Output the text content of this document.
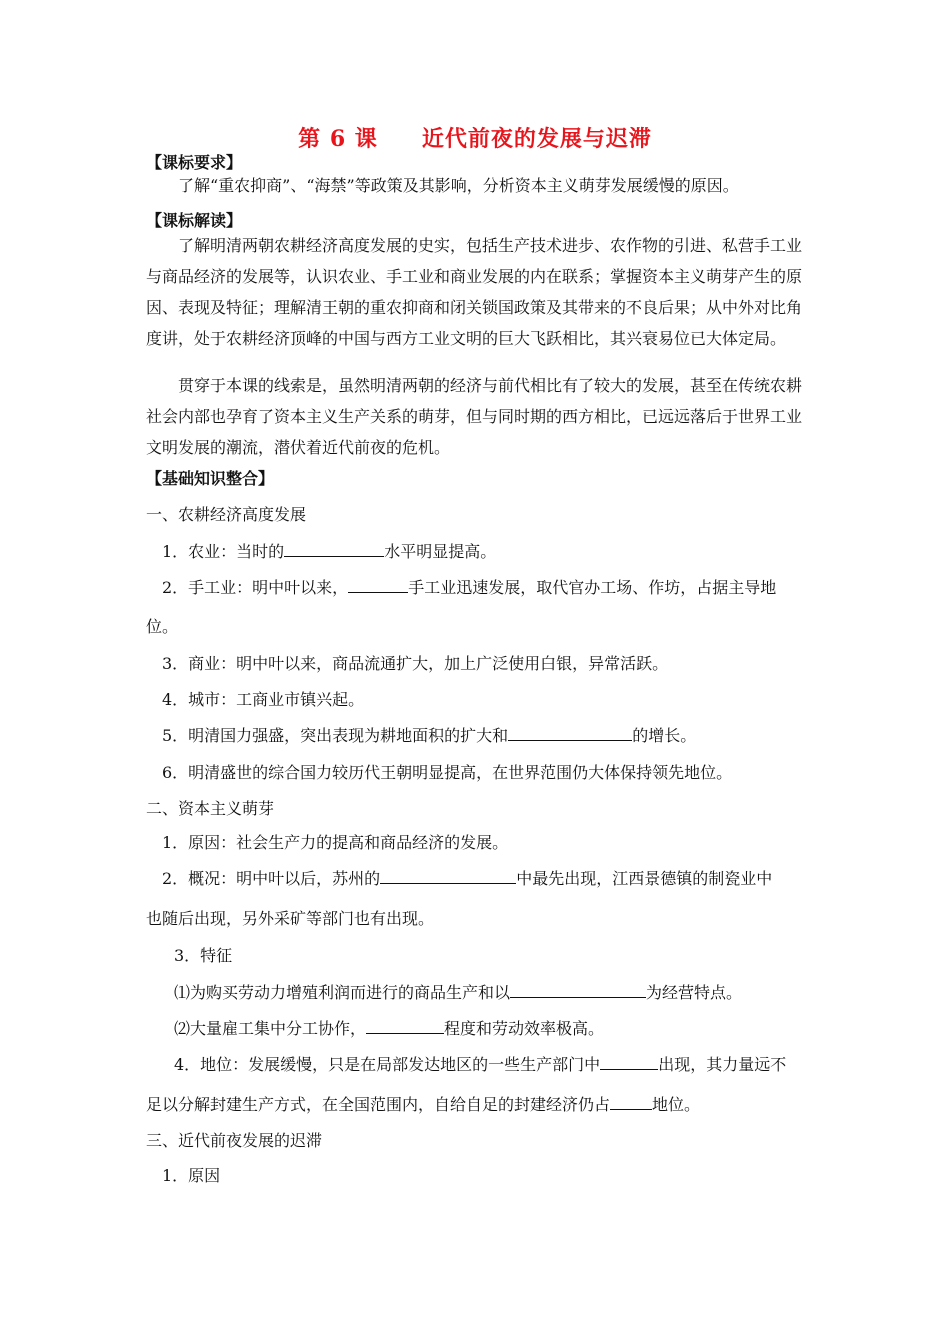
第 6 课 近代前夜的发展与迟滞
【课标要求】
了解“重农抑商”、“海禁”等政策及其影响，分析资本主义萌芽发展缓慢的原因。
【课标解读】
了解明清两朝农耕经济高度发展的史实，包括生产技术进步、农作物的引进、私营手工业与商品经济的发展等，认识农业、手工业和商业发展的内在联系；掌握资本主义萌芽产生的原因、表现及特征；理解清王朝的重农抑商和闭关锁国政策及其带来的不良后果；从中外对比角度讲，处于农耕经济顶峰的中国与西方工业文明的巨大飞跃相比，其兴衰易位已大体定局。
贯穿于本课的线索是，虽然明清两朝的经济与前代相比有了较大的发展，甚至在传统农耕社会内部也孕育了资本主义生产关系的萌芽，但与同时期的西方相比，已远远落后于世界工业文明发展的潮流，潜伏着近代前夜的危机。
【基础知识整合】
一、农耕经济高度发展
1．农业：当时的	水平明显提高。
2．手工业：明中叶以来，	手工业迅速发展，取代官办工场、作坊，占据主导地
位。
3．商业：明中叶以来，商品流通扩大，加上广泛使用白银，异常活跃。
4．城市：工商业市镇兴起。
5．明清国力强盛，突出表现为耕地面积的扩大和	的增长。
6．明清盛世的综合国力较历代王朝明显提高，在世界范围仍大体保持领先地位。
二、资本主义萌芽
1．原因：社会生产力的提高和商品经济的发展。
2．概况：明中叶以后，苏州的	中最先出现，江西景德镇的制瓷业中
也随后出现，另外采矿等部门也有出现。
3．特征
⑴为购买劳动力增殖利润而进行的商品生产和以	为经营特点。
⑵大量雇工集中分工协作，	程度和劳动效率极高。
4．地位：发展缓慢，只是在局部发达地区的一些生产部门中	出现，其力量远不
足以分解封建生产方式，在全国范围内，自给自足的封建经济仍占	地位。
三、近代前夜发展的迟滞
1．原因
